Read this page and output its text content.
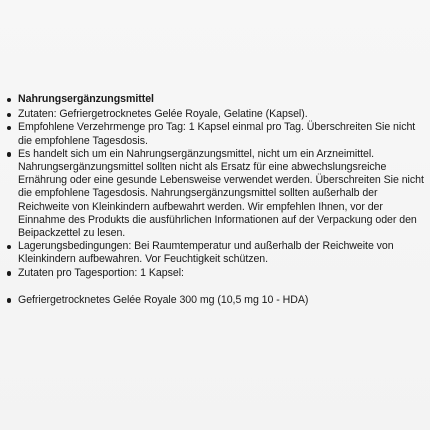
Nahrungsergänzungsmittel
Zutaten: Gefriergetrocknetes Gelée Royale, Gelatine (Kapsel).
Empfohlene Verzehrmenge pro Tag: 1 Kapsel einmal pro Tag. Überschreiten Sie nicht die empfohlene Tagesdosis.
Es handelt sich um ein Nahrungsergänzungsmittel, nicht um ein Arzneimittel. Nahrungsergänzungsmittel sollten nicht als Ersatz für eine abwechslungsreiche Ernährung oder eine gesunde Lebensweise verwendet werden. Überschreiten Sie nicht die empfohlene Tagesdosis. Nahrungsergänzungsmittel sollten außerhalb der Reichweite von Kleinkindern aufbewahrt werden. Wir empfehlen Ihnen, vor der Einnahme des Produkts die ausführlichen Informationen auf der Verpackung oder den Beipackzettel zu lesen.
Lagerungsbedingungen: Bei Raumtemperatur und außerhalb der Reichweite von Kleinkindern aufbewahren. Vor Feuchtigkeit schützen.
Zutaten pro Tagesportion: 1 Kapsel:
Gefriergetrocknetes Gelée Royale 300 mg (10,5 mg 10 - HDA)
